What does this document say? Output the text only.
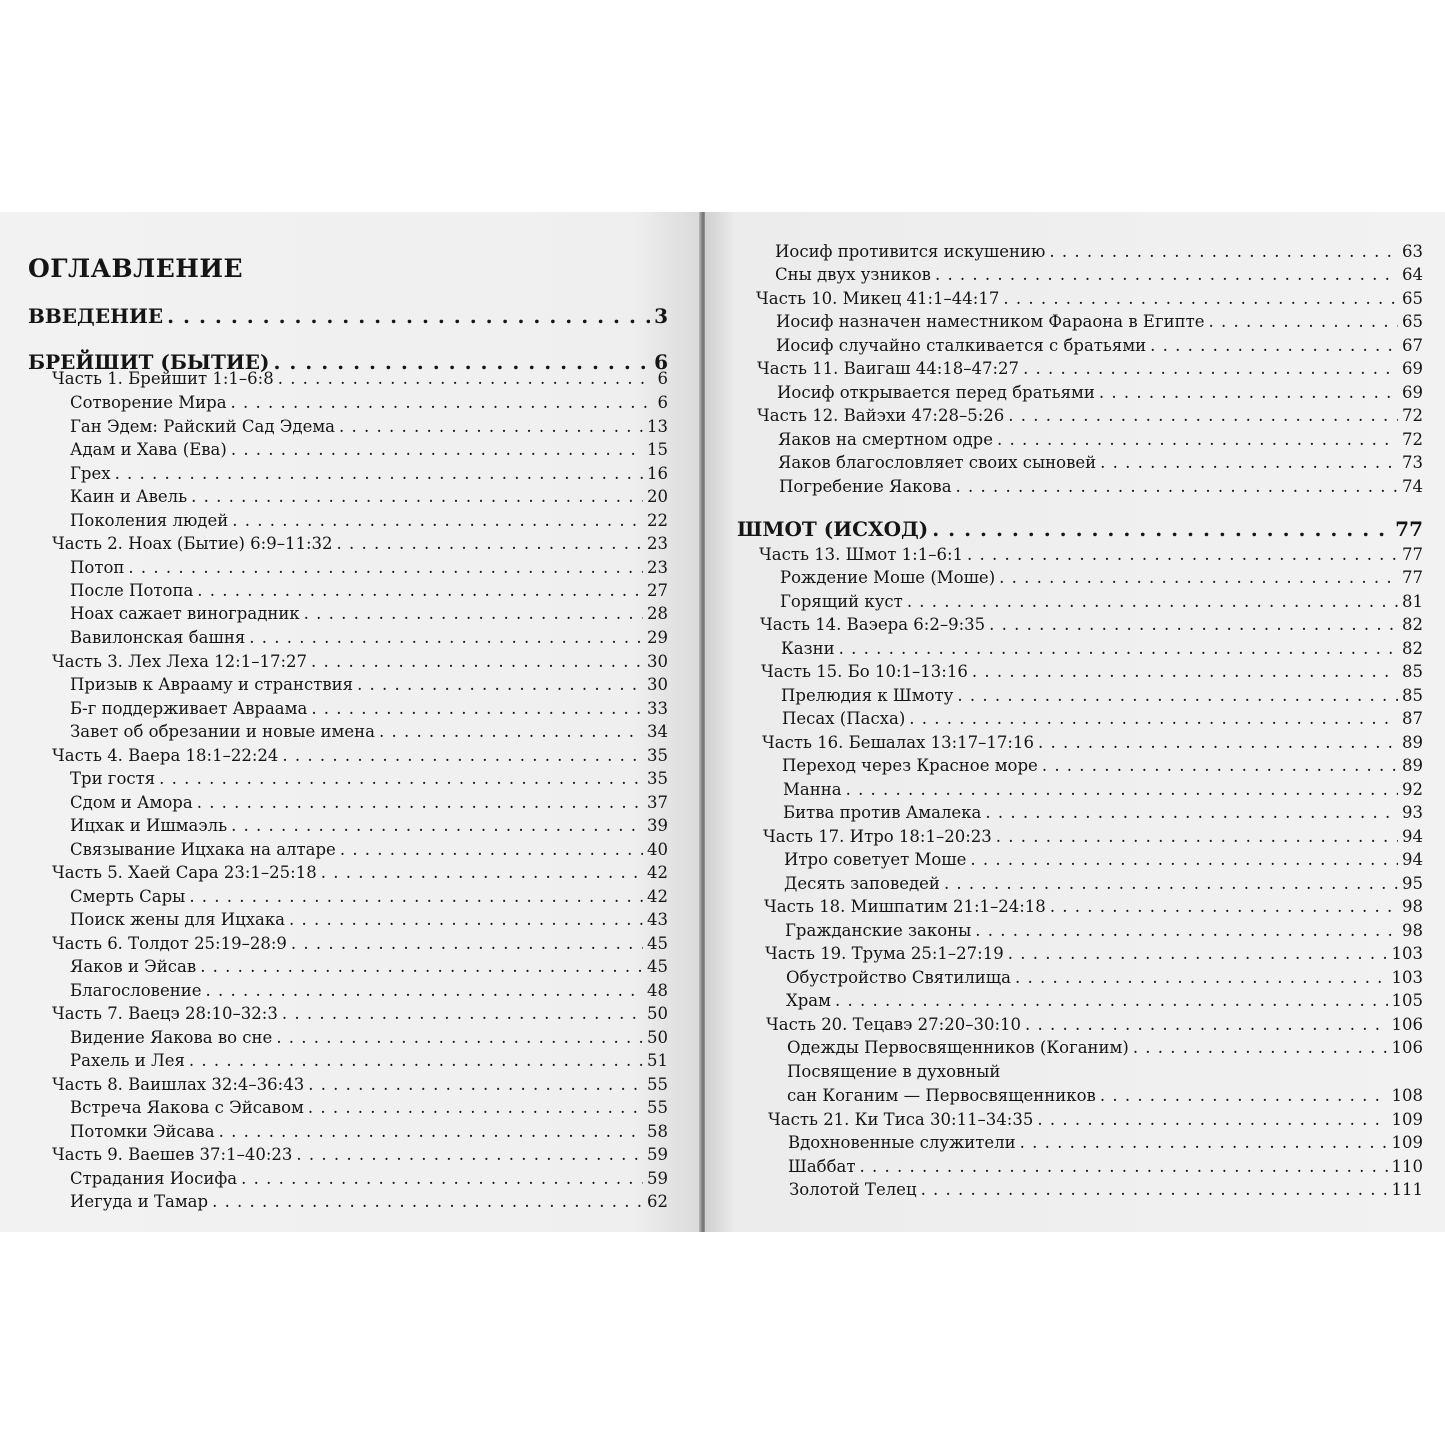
ОГЛАВЛЕНИЕ
ВВЕДЕНИЕ . . .	3
БРЕЙШИТ (БЫТИЕ) . . .	6
Часть 1. Брейшит 1:1–6:8 . . .	6
Сотворение Мира . . .	6
Ган Эдем: Райский Сад Эдема . . .	13
Адам и Хава (Ева) . . .	15
Грех . . .	16
Каин и Авель . . .	20
Поколения людей . . .	22
Часть 2. Ноах (Бытие) 6:9–11:32 . . .	23
Потоп . . .	23
После Потопа . . .	27
Ноах сажает виноградник . . .	28
Вавилонская башня . . .	29
Часть 3. Лех Леха 12:1–17:27 . . .	30
Призыв к Аврааму и странствия . . .	30
Б-г поддерживает Авраама . . .	33
Завет об обрезании и новые имена . . .	34
Часть 4. Ваера 18:1–22:24 . . .	35
Три гостя . . .	35
Сдом и Амора . . .	37
Ицхак и Ишмаэль . . .	39
Связывание Ицхака на алтаре . . .	40
Часть 5. Хаей Сара 23:1–25:18 . . .	42
Смерть Сары . . .	42
Поиск жены для Ицхака . . .	43
Часть 6. Толдот 25:19–28:9 . . .	45
Яаков и Эйсав . . .	45
Благословение . . .	48
Часть 7. Ваецэ 28:10–32:3 . . .	50
Видение Яакова во сне . . .	50
Рахель и Лея . . .	51
Часть 8. Ваишлах 32:4–36:43 . . .	55
Встреча Яакова с Эйсавом . . .	55
Потомки Эйсава . . .	58
Часть 9. Ваешев 37:1–40:23 . . .	59
Страдания Иосифа . . .	59
Иегуда и Тамар . . .	62
Иосиф противится искушению . . .	63
Сны двух узников . . .	64
Часть 10. Микец 41:1–44:17 . . .	65
Иосиф назначен наместником Фараона в Египте . . .	65
Иосиф случайно сталкивается с братьями . . .	67
Часть 11. Ваигаш 44:18–47:27 . . .	69
Иосиф открывается перед братьями . . .	69
Часть 12. Вайэхи 47:28–5:26 . . .	72
Яаков на смертном одре . . .	72
Яаков благословляет своих сыновей . . .	73
Погребение Яакова . . .	74
ШМОТ (ИСХОД) . . .	77
Часть 13. Шмот 1:1–6:1 . . .	77
Рождение Моше (Моше) . . .	77
Горящий куст . . .	81
Часть 14. Ваэера 6:2–9:35 . . .	82
Казни . . .	82
Часть 15. Бо 10:1–13:16 . . .	85
Прелюдия к Шмоту . . .	85
Песах (Пасха) . . .	87
Часть 16. Бешалах 13:17–17:16 . . .	89
Переход через Красное море . . .	89
Манна . . .	92
Битва против Амалека . . .	93
Часть 17. Итро 18:1–20:23 . . .	94
Итро советует Моше . . .	94
Десять заповедей . . .	95
Часть 18. Мишпатим 21:1–24:18 . . .	98
Гражданские законы . . .	98
Часть 19. Трума 25:1–27:19 . . .	103
Обустройство Святилища . . .	103
Храм . . .	105
Часть 20. Тецавэ 27:20–30:10 . . .	106
Одежды Первосвященников (Коганим) . . .	106
Посвящение в духовный
сан Коганим — Первосвященников . . .	108
Часть 21. Ки Тиса 30:11–34:35 . . .	109
Вдохновенные служители . . .	109
Шаббат . . .	110
Золотой Телец . . .	111
